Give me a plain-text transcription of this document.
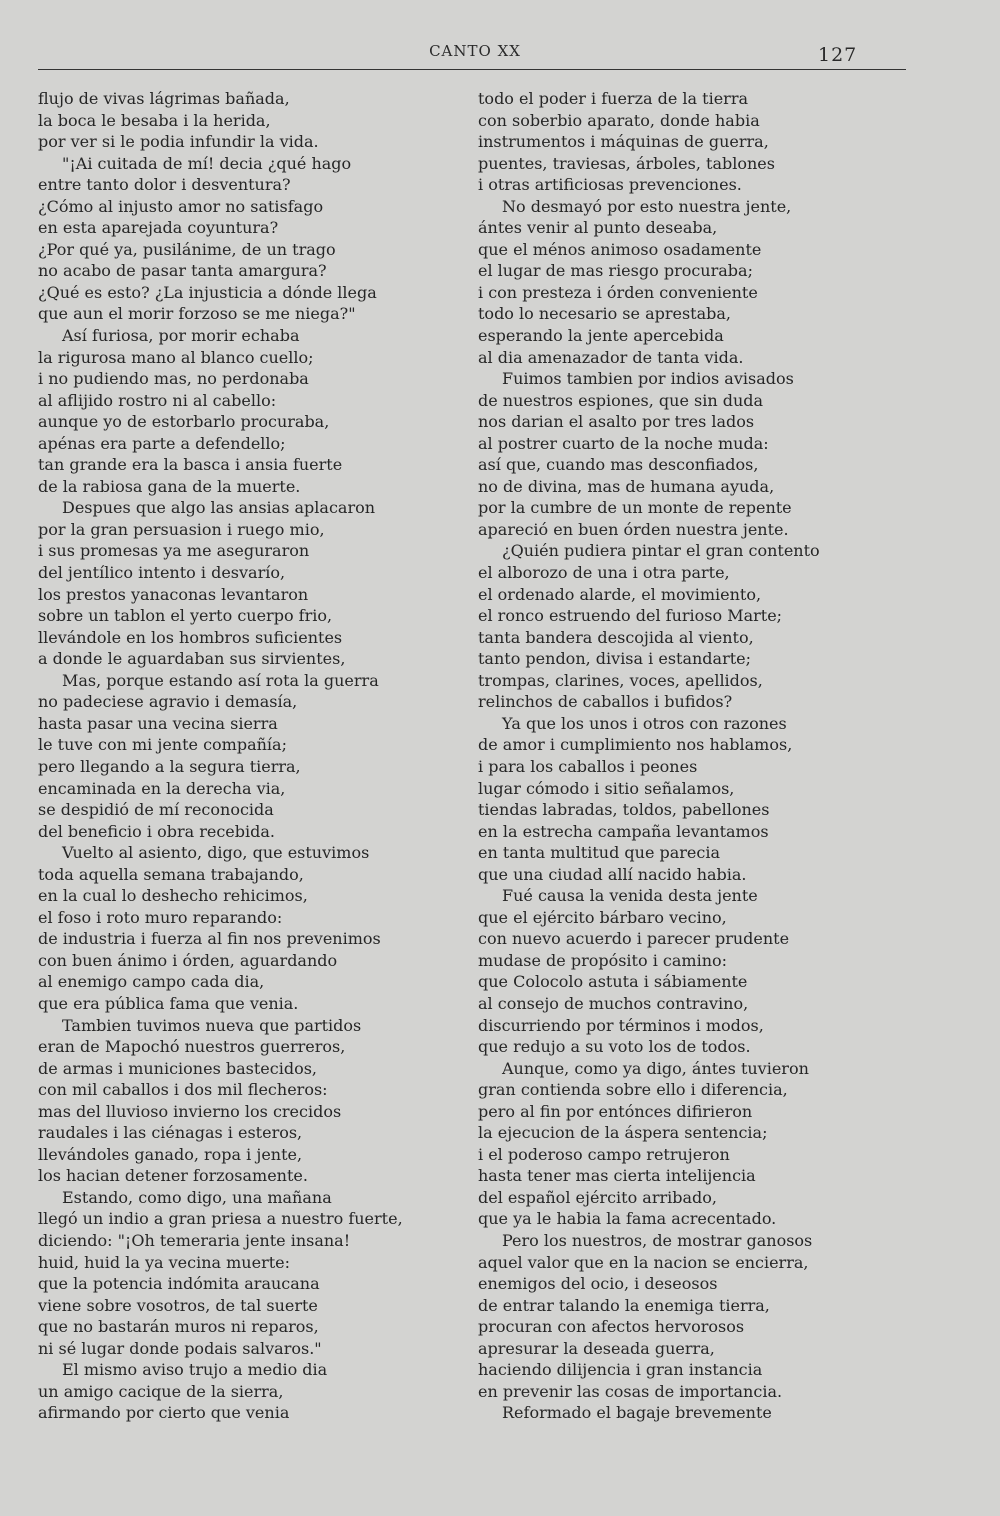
CANTO XX	127
flujo de vivas lágrimas bañada,
la boca le besaba i la herida,
por ver si le podia infundir la vida.
"¡Ai cuitada de mí! decia ¿qué hago
entre tanto dolor i desventura?
¿Cómo al injusto amor no satisfago
en esta aparejada coyuntura?
¿Por qué ya, pusilánime, de un trago
no acabo de pasar tanta amargura?
¿Qué es esto? ¿La injusticia a dónde llega
que aun el morir forzoso se me niega?"
Así furiosa, por morir echaba
la rigurosa mano al blanco cuello;
i no pudiendo mas, no perdonaba
al aflijido rostro ni al cabello:
aunque yo de estorbarlo procuraba,
apénas era parte a defendello;
tan grande era la basca i ansia fuerte
de la rabiosa gana de la muerte.
Despues que algo las ansias aplacaron
por la gran persuasion i ruego mio,
i sus promesas ya me aseguraron
del jentílico intento i desvarío,
los prestos yanaconas levantaron
sobre un tablon el yerto cuerpo frio,
llevándole en los hombros suficientes
a donde le aguardaban sus sirvientes,
Mas, porque estando así rota la guerra
no padeciese agravio i demasía,
hasta pasar una vecina sierra
le tuve con mi jente compañía;
pero llegando a la segura tierra,
encaminada en la derecha via,
se despidió de mí reconocida
del beneficio i obra recebida.
Vuelto al asiento, digo, que estuvimos
toda aquella semana trabajando,
en la cual lo deshecho rehicimos,
el foso i roto muro reparando:
de industria i fuerza al fin nos prevenimos
con buen ánimo i órden, aguardando
al enemigo campo cada dia,
que era pública fama que venia.
Tambien tuvimos nueva que partidos
eran de Mapochó nuestros guerreros,
de armas i municiones bastecidos,
con mil caballos i dos mil flecheros:
mas del lluvioso invierno los crecidos
raudales i las ciénagas i esteros,
llevándoles ganado, ropa i jente,
los hacian detener forzosamente.
Estando, como digo, una mañana
llegó un indio a gran priesa a nuestro fuerte,
diciendo: "¡Oh temeraria jente insana!
huid, huid la ya vecina muerte:
que la potencia indómita araucana
viene sobre vosotros, de tal suerte
que no bastarán muros ni reparos,
ni sé lugar donde podais salvaros."
El mismo aviso trujo a medio dia
un amigo cacique de la sierra,
afirmando por cierto que venia
todo el poder i fuerza de la tierra
con soberbio aparato, donde habia
instrumentos i máquinas de guerra,
puentes, traviesas, árboles, tablones
i otras artificiosas prevenciones.
No desmayó por esto nuestra jente,
ántes venir al punto deseaba,
que el ménos animoso osadamente
el lugar de mas riesgo procuraba;
i con presteza i órden conveniente
todo lo necesario se aprestaba,
esperando la jente apercebida
al dia amenazador de tanta vida.
Fuimos tambien por indios avisados
de nuestros espiones, que sin duda
nos darian el asalto por tres lados
al postrer cuarto de la noche muda:
así que, cuando mas desconfiados,
no de divina, mas de humana ayuda,
por la cumbre de un monte de repente
apareció en buen órden nuestra jente.
¿Quién pudiera pintar el gran contento
el alborozo de una i otra parte,
el ordenado alarde, el movimiento,
el ronco estruendo del furioso Marte;
tanta bandera descojida al viento,
tanto pendon, divisa i estandarte;
trompas, clarines, voces, apellidos,
relinchos de caballos i bufidos?
Ya que los unos i otros con razones
de amor i cumplimiento nos hablamos,
i para los caballos i peones
lugar cómodo i sitio señalamos,
tiendas labradas, toldos, pabellones
en la estrecha campaña levantamos
en tanta multitud que parecia
que una ciudad allí nacido habia.
Fué causa la venida desta jente
que el ejército bárbaro vecino,
con nuevo acuerdo i parecer prudente
mudase de propósito i camino:
que Colocolo astuta i sábiamente
al consejo de muchos contravino,
discurriendo por términos i modos,
que redujo a su voto los de todos.
Aunque, como ya digo, ántes tuvieron
gran contienda sobre ello i diferencia,
pero al fin por entónces difirieron
la ejecucion de la áspera sentencia;
i el poderoso campo retrujeron
hasta tener mas cierta intelijencia
del español ejército arribado,
que ya le habia la fama acrecentado.
Pero los nuestros, de mostrar ganosos
aquel valor que en la nacion se encierra,
enemigos del ocio, i deseosos
de entrar talando la enemiga tierra,
procuran con afectos hervorosos
apresurar la deseada guerra,
haciendo dilijencia i gran instancia
en prevenir las cosas de importancia.
Reformado el bagaje brevemente
